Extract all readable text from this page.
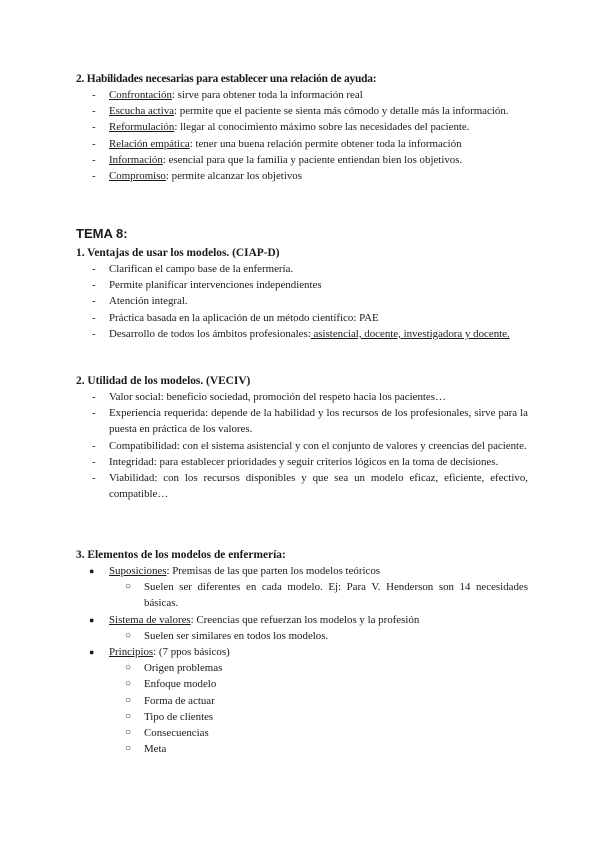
2. Habilidades necesarias para establecer una relación de ayuda:
- Confrontación: sirve para obtener toda la información real
- Escucha activa: permite que el paciente se sienta más cómodo y detalle más la información.
- Reformulación: llegar al conocimiento máximo sobre las necesidades del paciente.
- Relación empática: tener una buena relación permite obtener toda la información
- Información: esencial para que la familia y paciente entiendan bien los objetivos.
- Compromiso: permite alcanzar los objetivos
TEMA 8:
1. Ventajas de usar los modelos. (CIAP-D)
- Clarifican el campo base de la enfermería.
- Permite planificar intervenciones independientes
- Atención integral.
- Práctica basada en la aplicación de un método científico: PAE
- Desarrollo de todos los ámbitos profesionales: asistencial, docente, investigadora y docente.
2. Utilidad de los modelos. (VECIV)
- Valor social: beneficio sociedad, promoción del respeto hacia los pacientes…
- Experiencia requerida: depende de la habilidad y los recursos de los profesionales, sirve para la puesta en práctica de los valores.
- Compatibilidad: con el sistema asistencial y con el conjunto de valores y creencias del paciente.
- Integridad: para establecer prioridades y seguir criterios lógicos en la toma de decisiones.
- Viabilidad: con los recursos disponibles y que sea un modelo eficaz, eficiente, efectivo, compatible…
3. Elementos de los modelos de enfermería:
● Suposiciones: Premisas de las que parten los modelos teóricos
○ Suelen ser diferentes en cada modelo. Ej: Para V. Henderson son 14 necesidades básicas.
● Sistema de valores: Creencias que refuerzan los modelos y la profesión
○ Suelen ser similares en todos los modelos.
● Principios: (7 ppos básicos)
○ Origen problemas
○ Enfoque modelo
○ Forma de actuar
○ Tipo de clientes
○ Consecuencias
○ Meta
